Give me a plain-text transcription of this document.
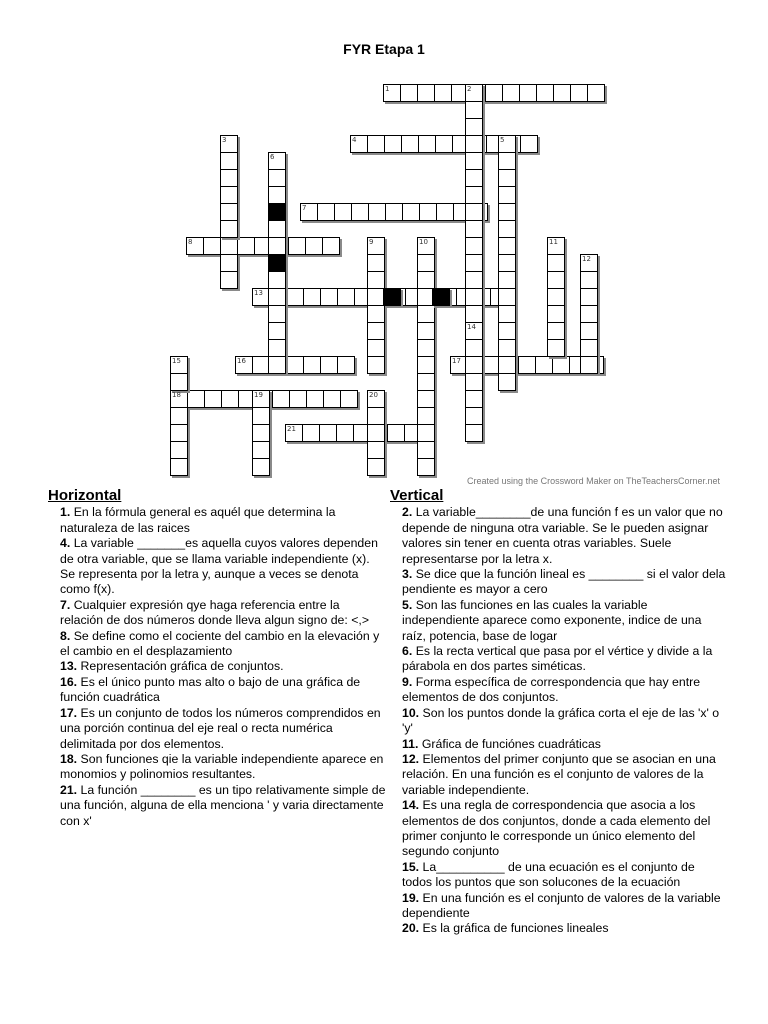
FYR Etapa 1
1	2
3	4	5
6
7
8	9	10	11
12
13
14
15	16	17
18	19	20
21
Created using the Crossword Maker on TheTeachersCorner.net
Horizontal
1. En la fórmula general es aquél que determina la naturaleza de las raices
4. La variable _______es aquella cuyos valores dependen de otra variable, que se llama variable independiente (x). Se representa por la letra y, aunque a veces se denota como f(x).
7. Cualquier expresión qye haga referencia entre la relación de dos números donde lleva algun signo de: <,>
8. Se define como el cociente del cambio en la elevación y el cambio en el desplazamiento
13. Representación gráfica de conjuntos.
16. Es el único punto mas alto o bajo de una gráfica de función cuadrática
17. Es un conjunto de todos los números comprendidos en una porción continua del eje real o recta numérica delimitada por dos elementos.
18. Son funciones qie la variable independiente aparece en monomios y polinomios resultantes.
21. La función ________ es un tipo relativamente simple de una función, alguna de ella menciona ' y varia directamente con x'
Vertical
2. La variable________de una función f es un valor que no depende de ninguna otra variable. Se le pueden asignar valores sin tener en cuenta otras variables. Suele representarse por la letra x.
3. Se dice que la función lineal es ________ si el valor dela pendiente es mayor a cero
5. Son las funciones en las cuales la variable independiente aparece como exponente, indice de una raíz, potencia, base de logar
6. Es la recta vertical que pasa por el vértice y divide a la párabola en dos partes siméticas.
9. Forma específica de correspondencia que hay entre elementos de dos conjuntos.
10. Son los puntos donde la gráfica corta el eje de las 'x' o 'y'
11. Gráfica de funciónes cuadráticas
12. Elementos del primer conjunto que se asocian en una relación. En una función es el conjunto de valores de la variable independiente.
14. Es una regla de correspondencia que asocia a los elementos de dos conjuntos, donde a cada elemento del primer conjunto le corresponde un único elemento del segundo conjunto
15. La__________ de una ecuación es el conjunto de todos los puntos que son solucones de la ecuación
19. En una función es el conjunto de valores de la variable dependiente
20. Es la gráfica de funciones lineales
